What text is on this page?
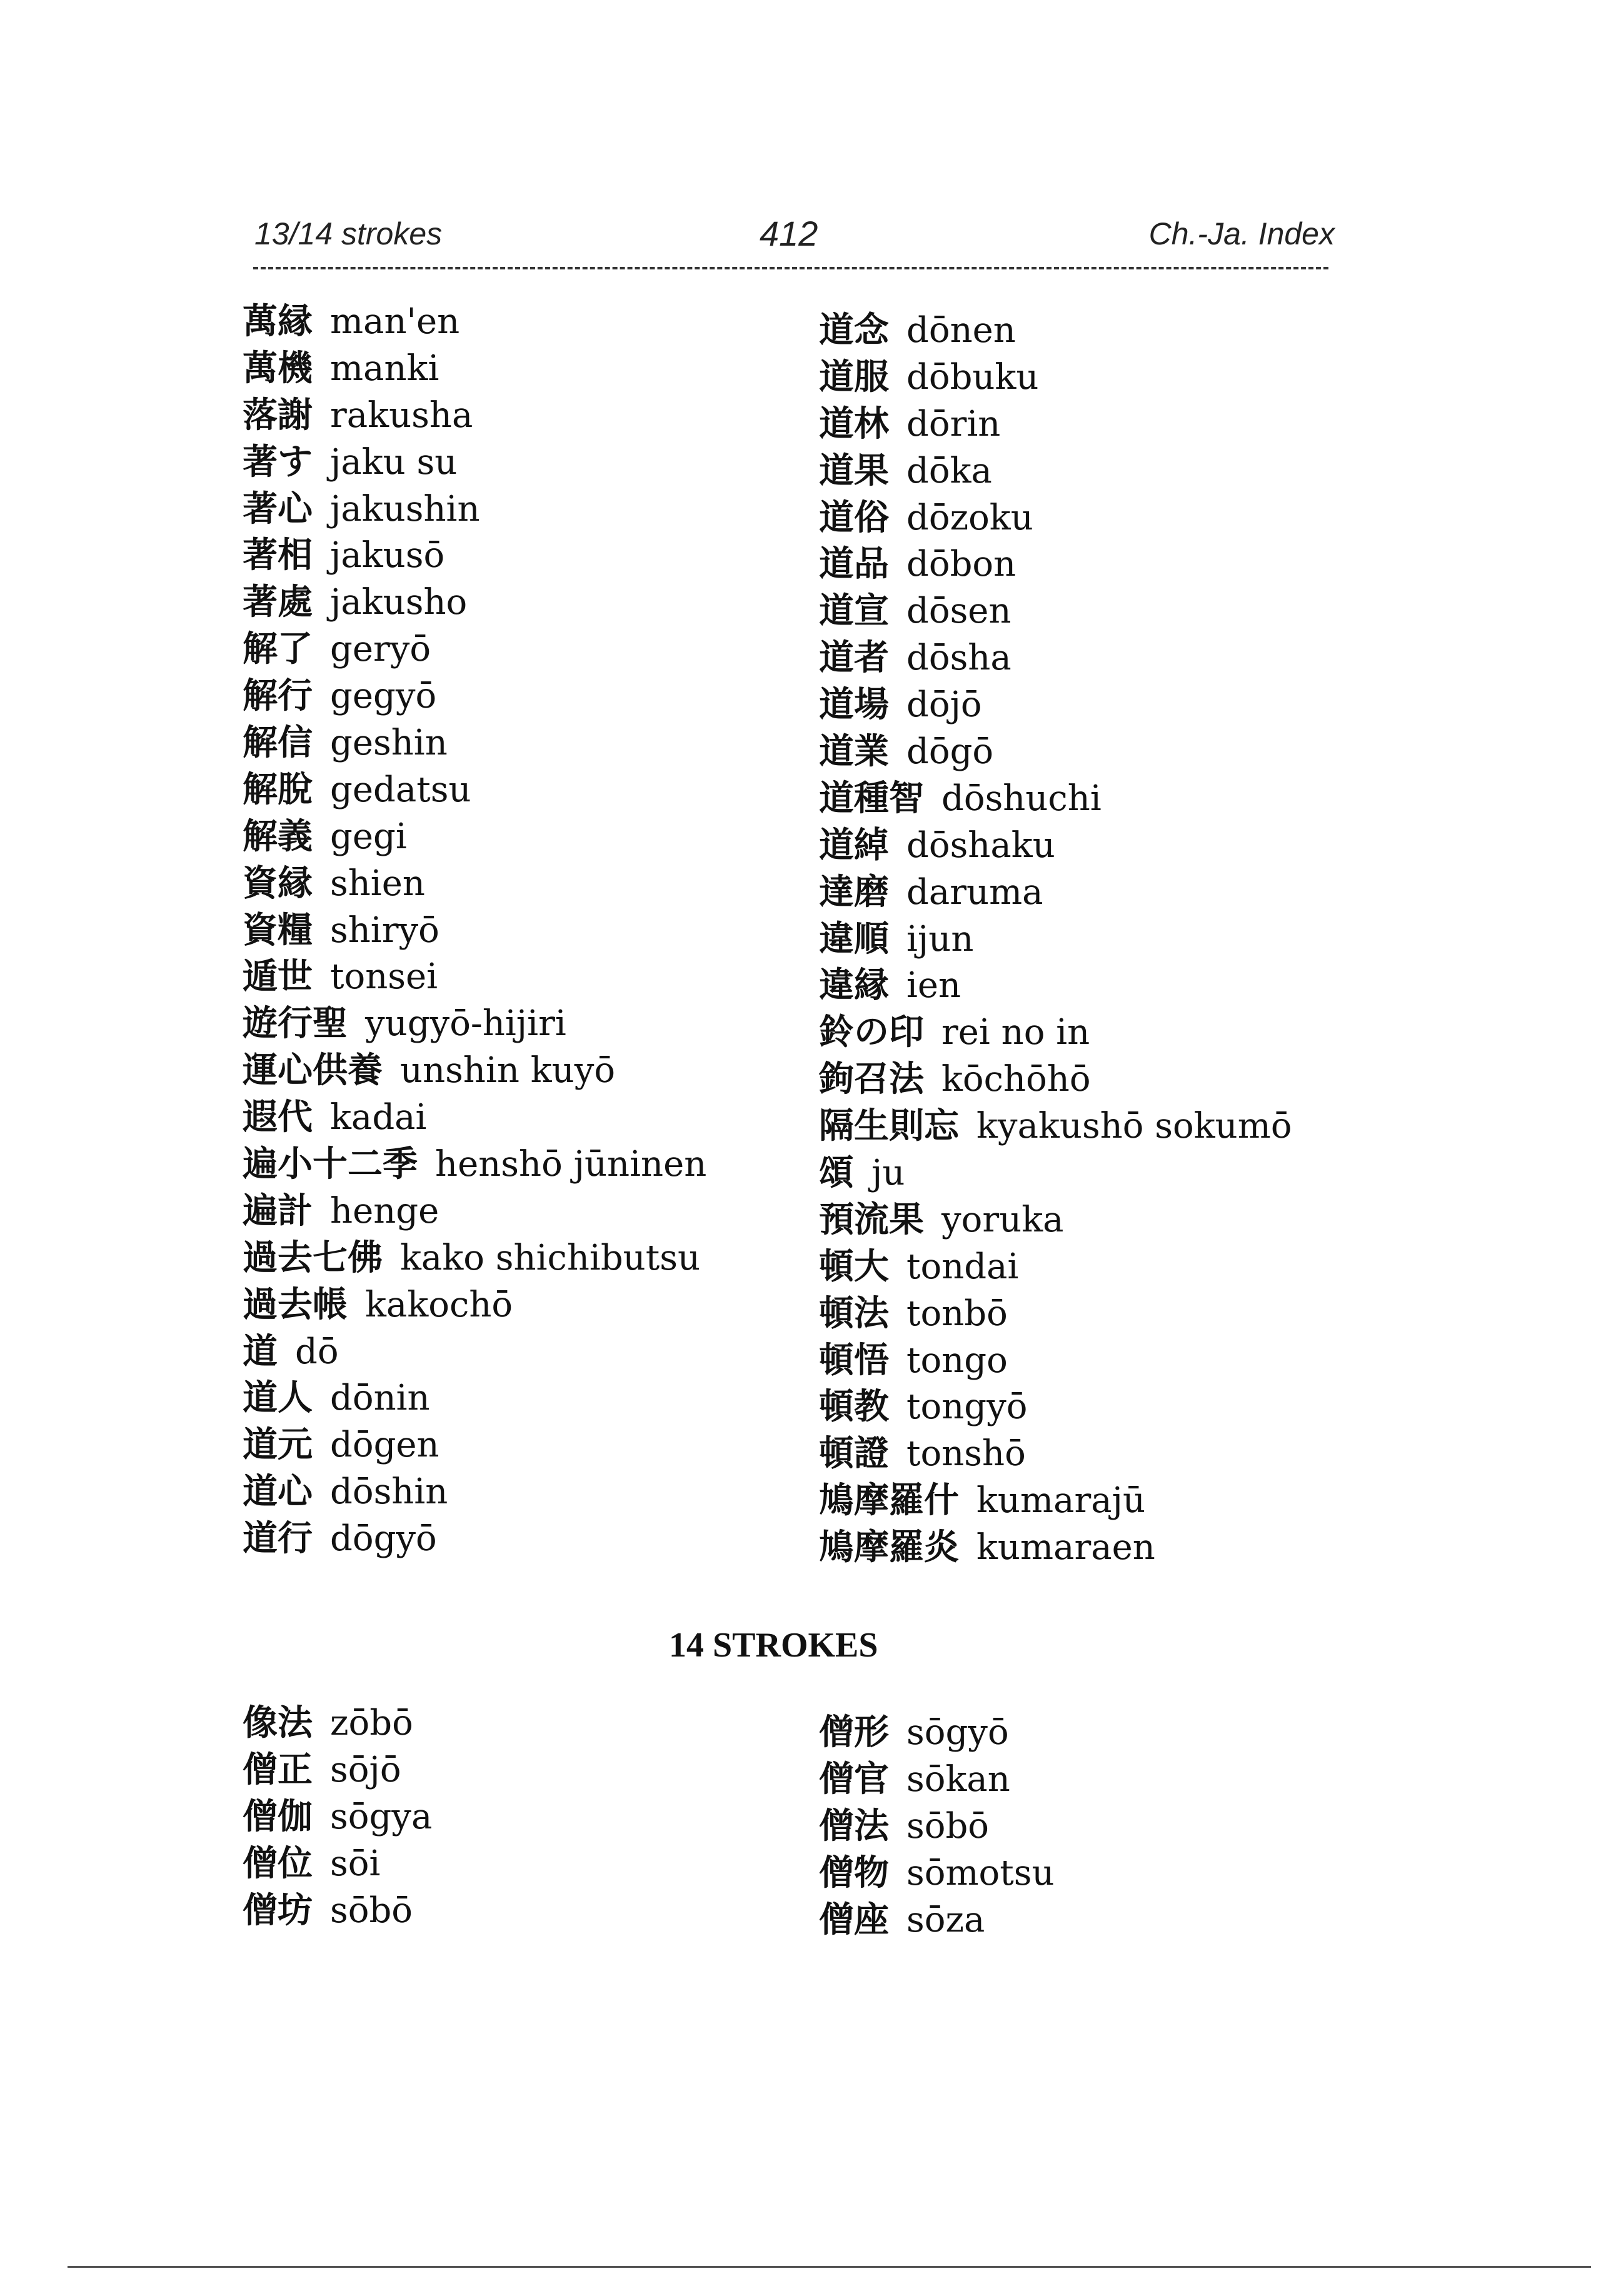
13/14 strokes	412	Ch.-Ja. Index
萬縁 man'en
萬機 manki
落謝 rakusha
著す jaku su
著心 jakushin
著相 jakusō
著處 jakusho
解了 geryō
解行 gegyō
解信 geshin
解脫 gedatsu
解義 gegi
資縁 shien
資糧 shiryō
遁世 tonsei
遊行聖 yugyō-hijiri
運心供養 unshin kuyō
遐代 kadai
遍小十二季 henshō jūninen
遍計 henge
過去七佛 kako shichibutsu
過去帳 kakochō
道 dō
道人 dōnin
道元 dōgen
道心 dōshin
道行 dōgyō
道念 dōnen
道服 dōbuku
道林 dōrin
道果 dōka
道俗 dōzoku
道品 dōbon
道宣 dōsen
道者 dōsha
道場 dōjō
道業 dōgō
道種智 dōshuchi
道綽 dōshaku
達磨 daruma
違順 ijun
違縁 ien
鈴の印 rei no in
鉤召法 kōchōhō
隔生則忘 kyakushō sokumō
頌 ju
預流果 yoruka
頓大 tondai
頓法 tonbō
頓悟 tongo
頓教 tongyō
頓證 tonshō
鳩摩羅什 kumarajū
鳩摩羅炎 kumaraen
14 STROKES
像法 zōbō
僧正 sōjō
僧伽 sōgya
僧位 sōi
僧坊 sōbō
僧形 sōgyō
僧官 sōkan
僧法 sōbō
僧物 sōmotsu
僧座 sōza
